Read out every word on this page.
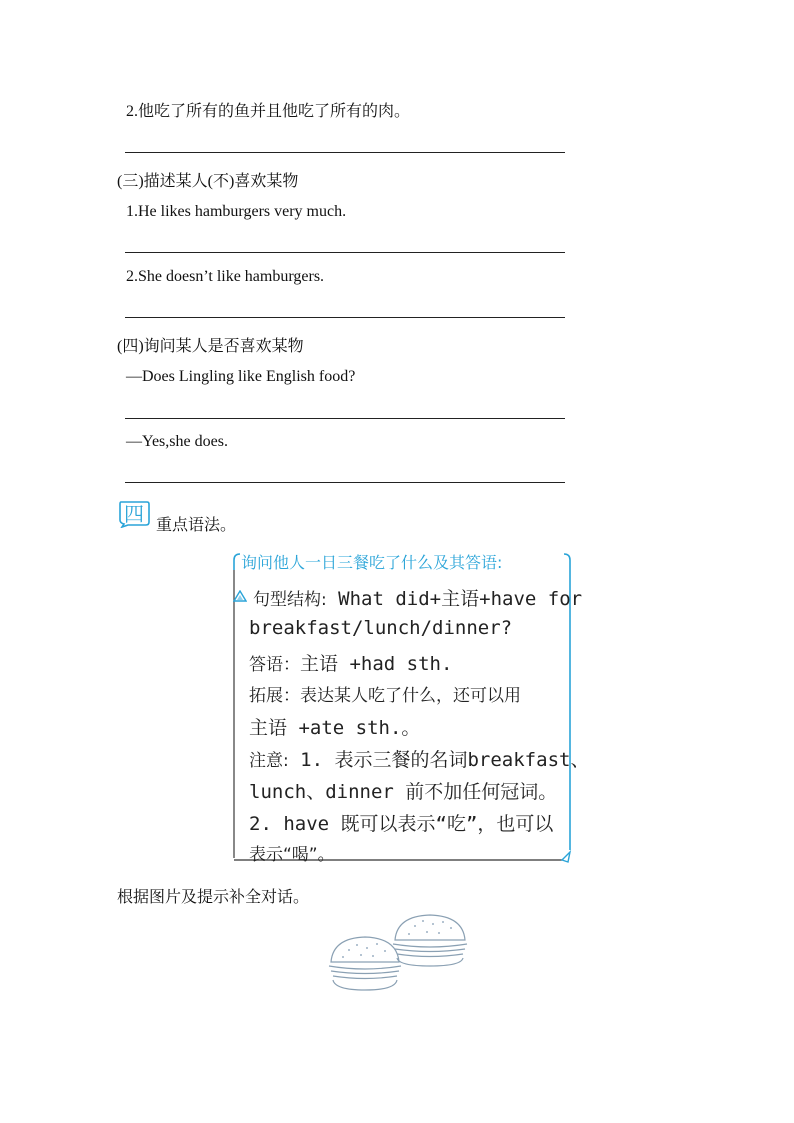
2.他吃了所有的鱼并且他吃了所有的肉。
(三)描述某人(不)喜欢某物
1.He likes hamburgers very much.
2.She doesn’t like hamburgers.
(四)询问某人是否喜欢某物
—Does Lingling like English food?
—Yes,she does.
四 重点语法。
询问他人一日三餐吃了什么及其答语:
句型结构: What did+主语+have for
breakfast/lunch/dinner?
答语：主语 +had sth.
拓展：表达某人吃了什么，还可以用
主语 +ate sth.。
注意: 1. 表示三餐的名词breakfast、
lunch、dinner 前不加任何冠词。
2. have 既可以表示“吃”，也可以
表示“喝”。
根据图片及提示补全对话。
